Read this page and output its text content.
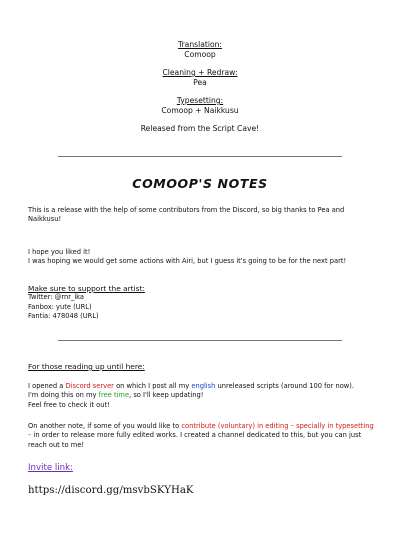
Translation:
Comoop
Cleaning + Redraw:
Pea
Typesetting:
Comoop + Naikkusu
Released from the Script Cave!
COMOOP'S NOTES
This is a release with the help of some contributors from the Discord, so big thanks to Pea and Naikkusu!
I hope you liked it!
I was hoping we would get some actions with Airi, but I guess it's going to be for the next part!
Make sure to support the artist:
Twitter: @rnr_ika
Fanbox: yute (URL)
Fantia: 478048 (URL)
For those reading up until here:
I opened a Discord server on which I post all my english unreleased scripts (around 100 for now).
I'm doing this on my free time, so I'll keep updating!
Feel free to check it out!
On another note, if some of you would like to contribute (voluntary) in editing – specially in typesetting – in order to release more fully edited works. I created a channel dedicated to this, but you can just reach out to me!
Invite link:
https://discord.gg/msvbSKYHaK
